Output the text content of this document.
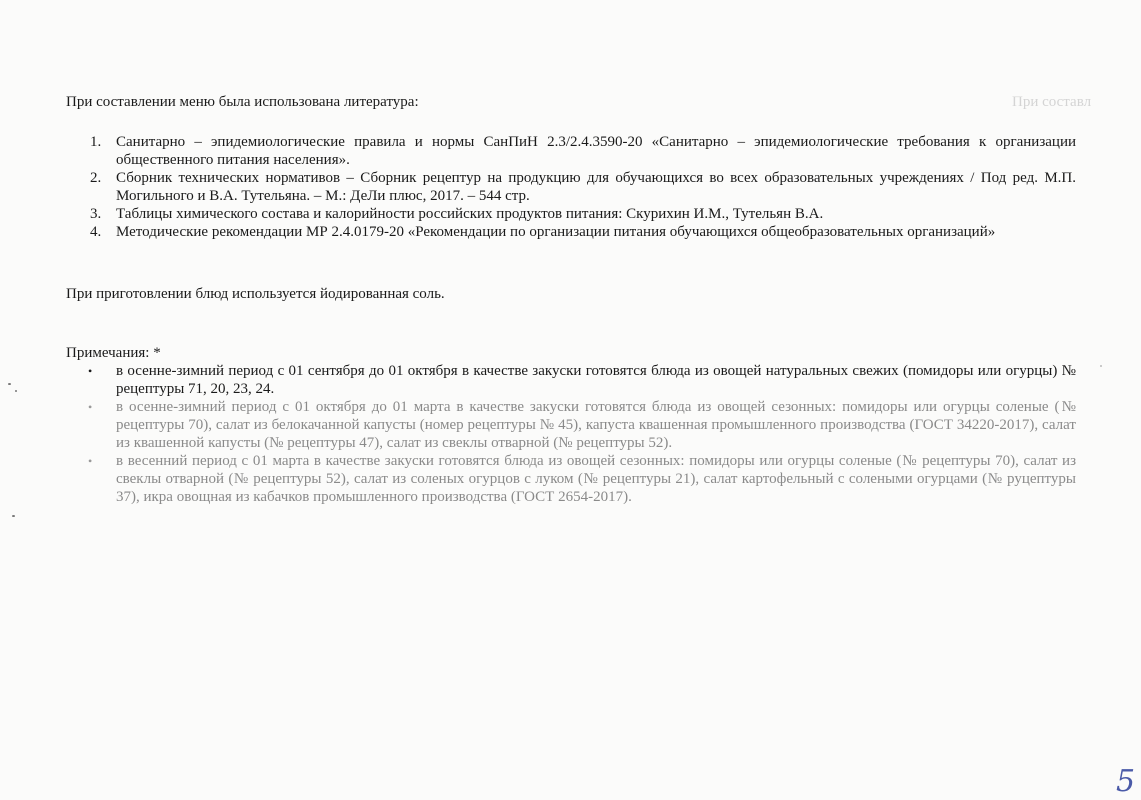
При составлении меню была использована литература:	При составл
1. Санитарно – эпидемиологические правила и нормы СанПиН 2.3/2.4.3590-20 «Санитарно – эпидемиологические требования к организации общественного питания населения».
2. Сборник технических нормативов – Сборник рецептур на продукцию для обучающихся во всех образовательных учреждениях / Под ред. М.П. Могильного и В.А. Тутельяна. – М.: ДеЛи плюс, 2017. – 544 стр.
3. Таблицы химического состава и калорийности российских продуктов питания: Скурихин И.М., Тутельян В.А.
4. Методические рекомендации МР 2.4.0179-20 «Рекомендации по организации питания обучающихся общеобразовательных организаций»
При приготовлении блюд используется йодированная соль.
Примечания: *
• в осенне-зимний период с 01 сентября до 01 октября в качестве закуски готовятся блюда из овощей натуральных свежих (помидоры или огурцы) № рецептуры 71, 20, 23, 24.
• в осенне-зимний период с 01 октября до 01 марта в качестве закуски готовятся блюда из овощей сезонных: помидоры или огурцы соленые (№ рецептуры 70), салат из белокачанной капусты (номер рецептуры № 45), капуста квашенная промышленного производства (ГОСТ 34220-2017), салат из квашенной капусты (№ рецептуры 47), салат из свеклы отварной (№ рецептуры 52).
• в весенний период с 01 марта в качестве закуски готовятся блюда из овощей сезонных: помидоры или огурцы соленые (№ рецептуры 70), салат из свеклы отварной (№ рецептуры 52), салат из соленых огурцов с луком (№ рецептуры 21), салат картофельный с солеными огурцами (№ руцептуры 37), икра овощная из кабачков промышленного производства (ГОСТ 2654-2017).
5
